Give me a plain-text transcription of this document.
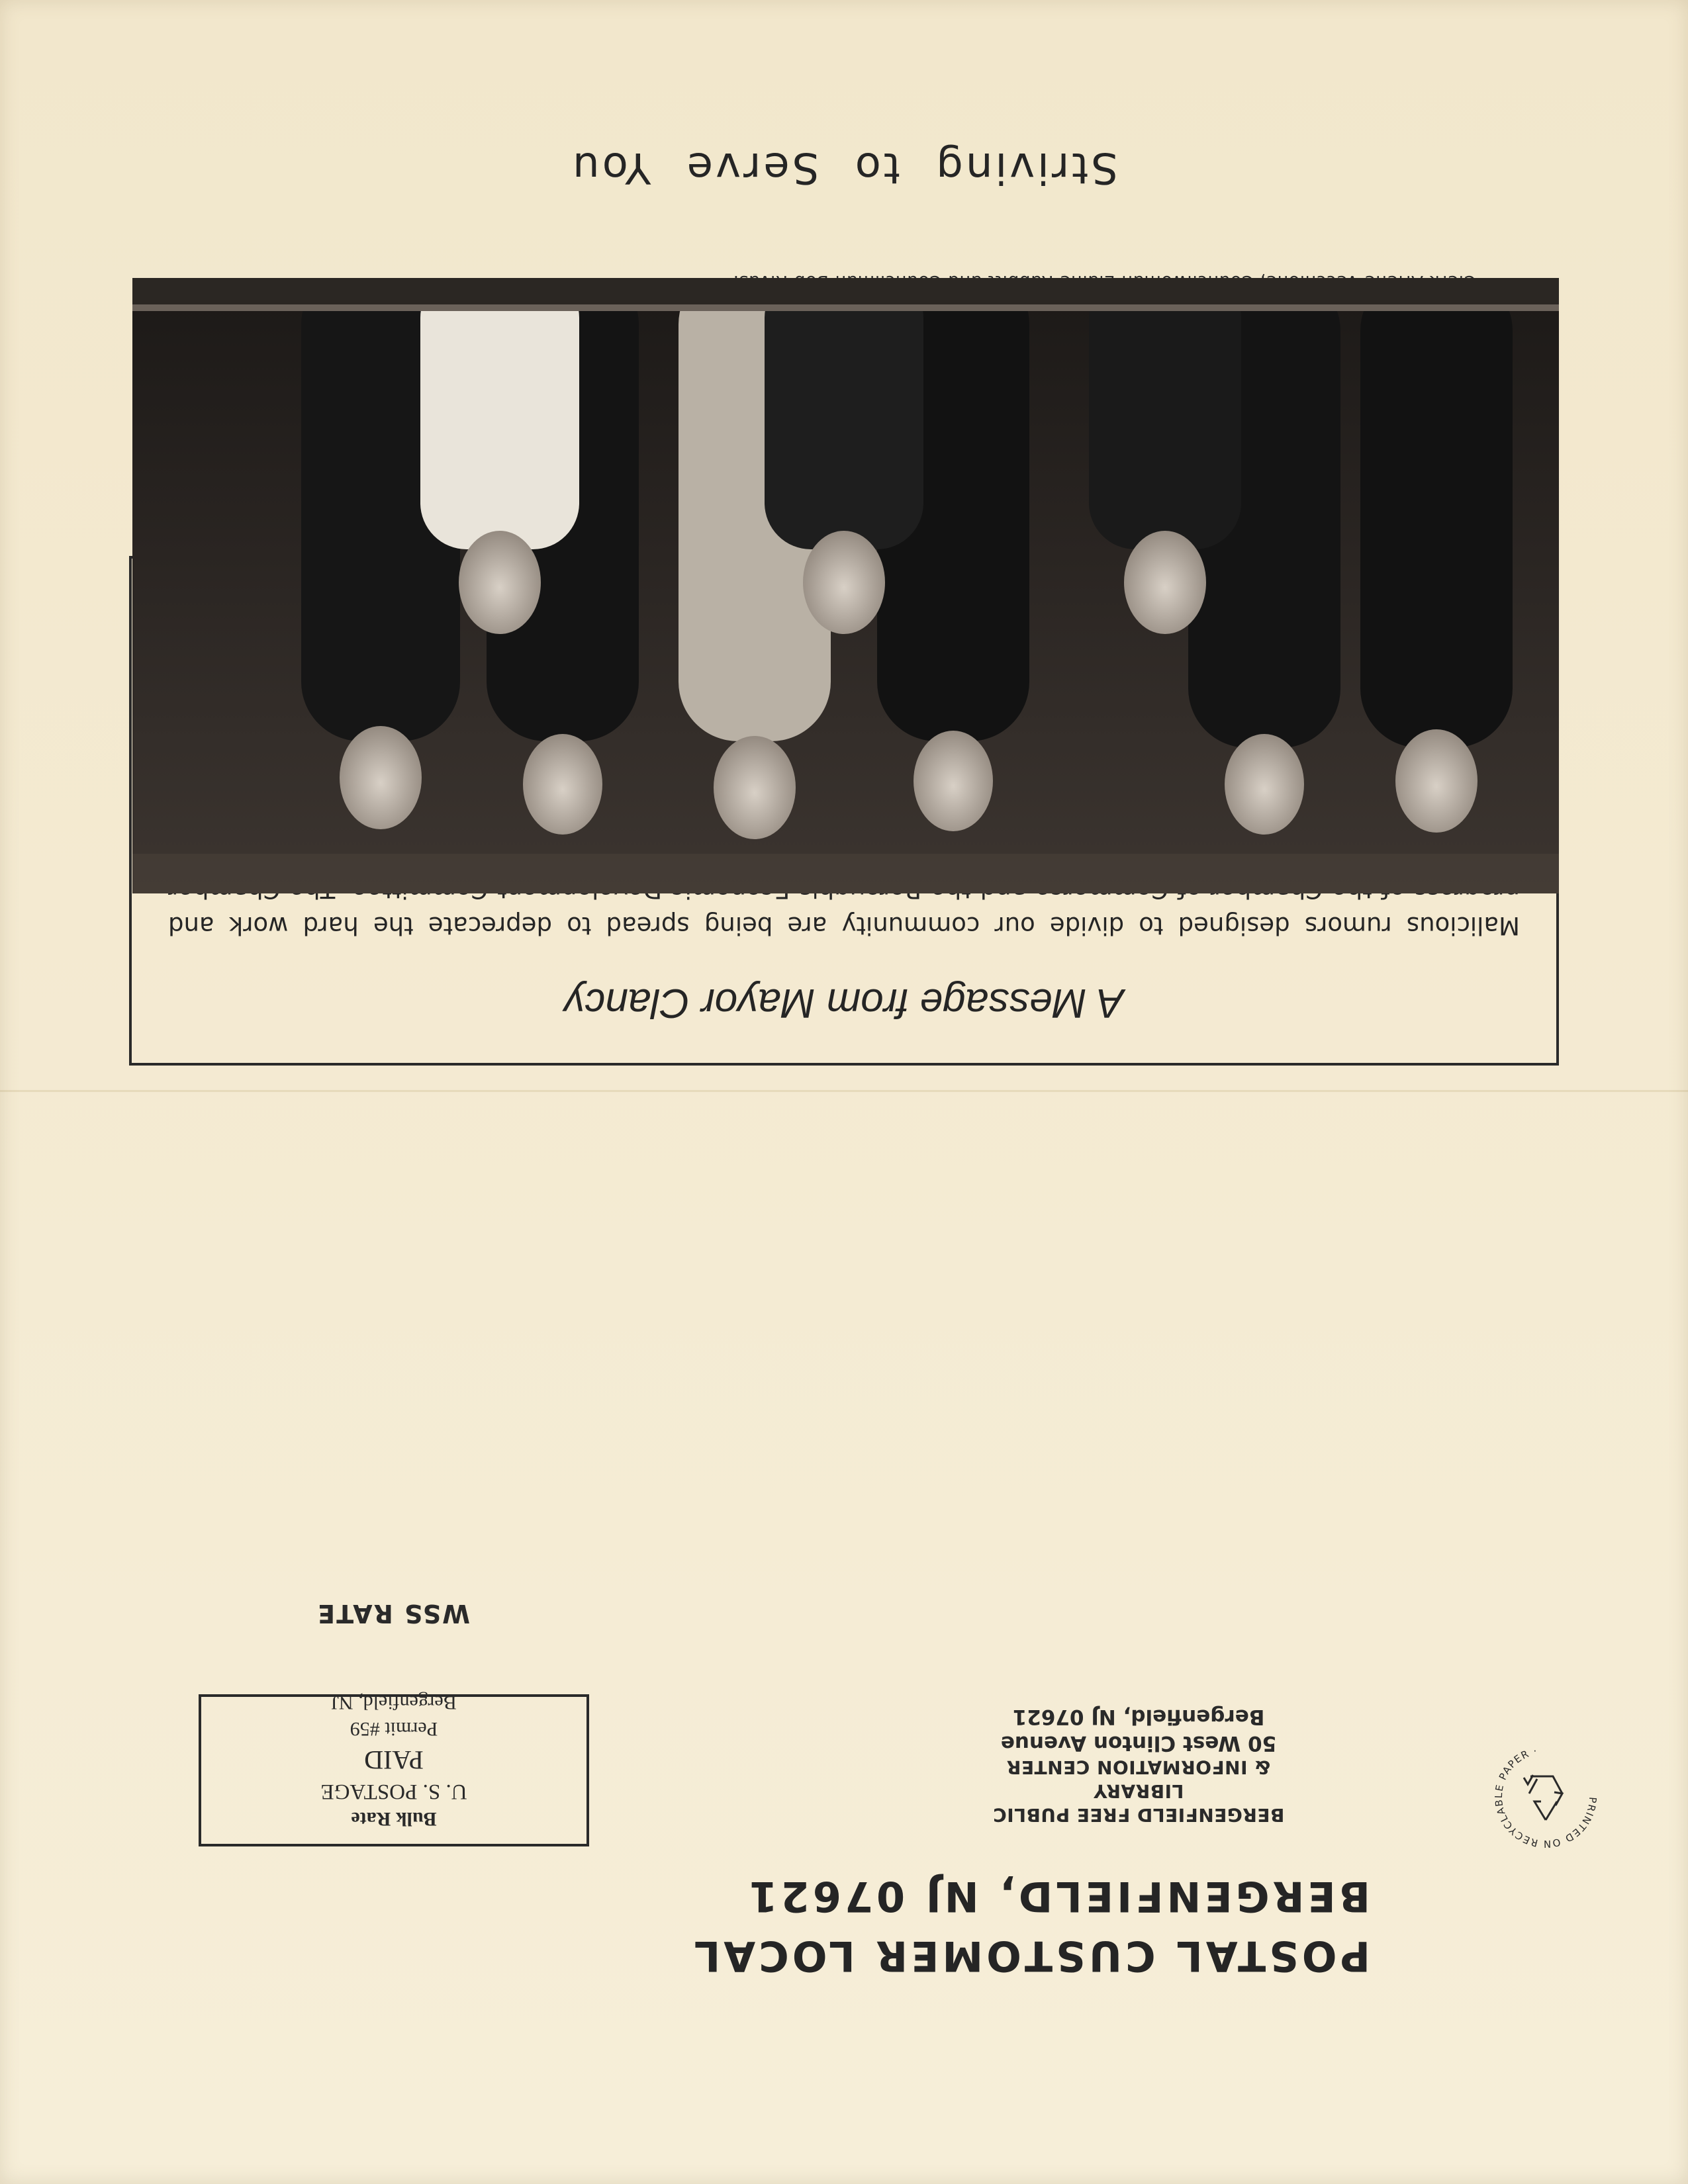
PRINTED ON RECYCLABLE PAPER ·
BERGENFIELD FREE PUBLIC LIBRARY
& INFORMATION CENTER
50 West Clinton Avenue
Bergenfield, NJ 07621
Bulk Rate
U. S. POSTAGE
PAID
Permit #59
Bergenfield, NJ
WSS RATE
POSTAL CUSTOMER LOCAL
BERGENFIELD, NJ 07621
A Message from Mayor Clancy
Malicious rumors designed to divide our community are being spread to deprecate the hard work and
Striving to Serve You
